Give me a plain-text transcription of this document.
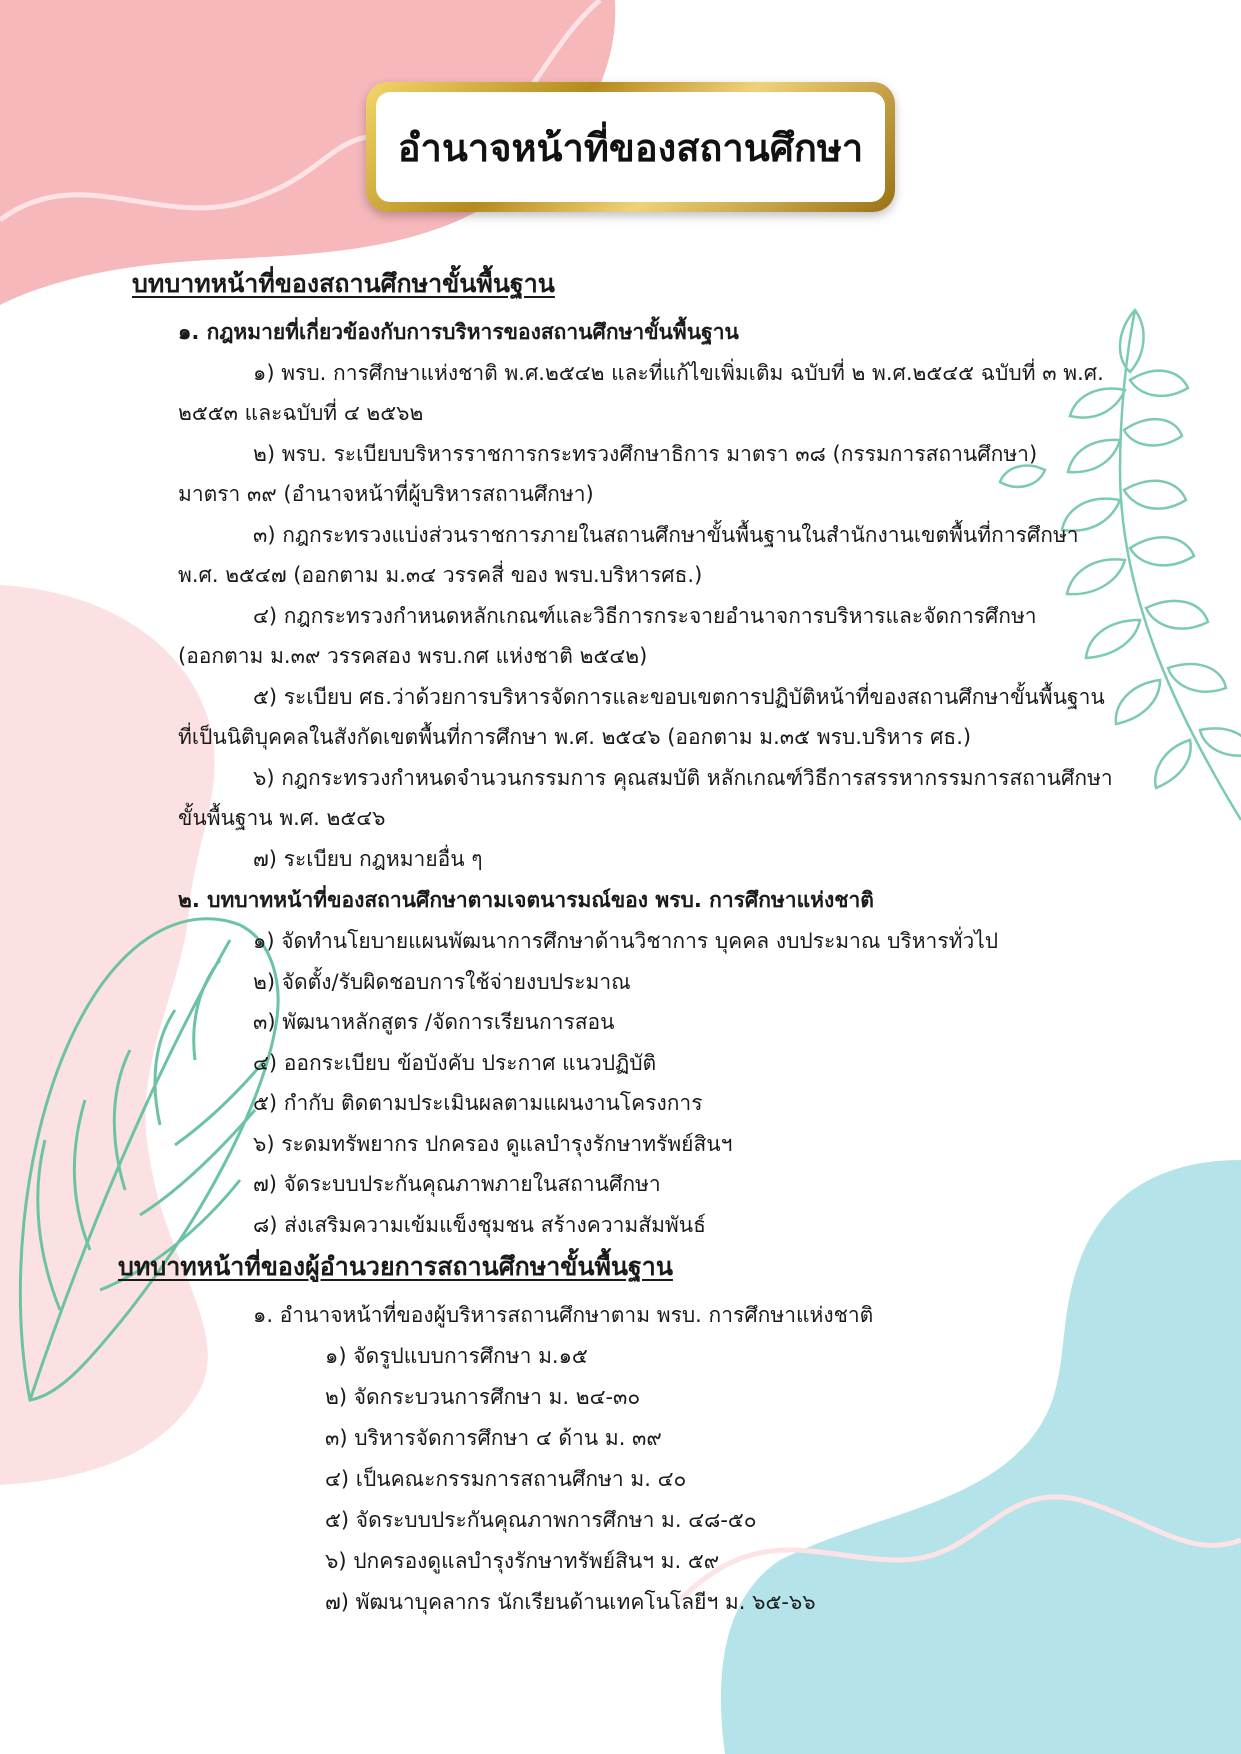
อำนาจหน้าที่ของสถานศึกษา
บทบาทหน้าที่ของสถานศึกษาขั้นพื้นฐาน
๑. กฎหมายที่เกี่ยวข้องกับการบริหารของสถานศึกษาขั้นพื้นฐาน
๑) พรบ. การศึกษาแห่งชาติ พ.ศ.๒๕๔๒ และที่แก้ไขเพิ่มเติม ฉบับที่ ๒ พ.ศ.๒๕๔๕ ฉบับที่ ๓ พ.ศ.
๒๕๕๓ และฉบับที่ ๔ ๒๕๖๒
๒) พรบ. ระเบียบบริหารราชการกระทรวงศึกษาธิการ มาตรา ๓๘ (กรรมการสถานศึกษา)
มาตรา ๓๙ (อำนาจหน้าที่ผู้บริหารสถานศึกษา)
๓) กฎกระทรวงแบ่งส่วนราชการภายในสถานศึกษาขั้นพื้นฐานในสำนักงานเขตพื้นที่การศึกษา
พ.ศ. ๒๕๔๗ (ออกตาม ม.๓๔ วรรคสี่ ของ พรบ.บริหารศธ.)
๔) กฎกระทรวงกำหนดหลักเกณฑ์และวิธีการกระจายอำนาจการบริหารและจัดการศึกษา
(ออกตาม ม.๓๙ วรรคสอง พรบ.กศ แห่งชาติ ๒๕๔๒)
๕) ระเบียบ ศธ.ว่าด้วยการบริหารจัดการและขอบเขตการปฏิบัติหน้าที่ของสถานศึกษาขั้นพื้นฐาน
ที่เป็นนิติบุคคลในสังกัดเขตพื้นที่การศึกษา พ.ศ. ๒๕๔๖ (ออกตาม ม.๓๕ พรบ.บริหาร ศธ.)
๖) กฎกระทรวงกำหนดจำนวนกรรมการ คุณสมบัติ หลักเกณฑ์วิธีการสรรหากรรมการสถานศึกษา
ขั้นพื้นฐาน พ.ศ. ๒๕๔๖
๗) ระเบียบ กฎหมายอื่น ๆ
๒. บทบาทหน้าที่ของสถานศึกษาตามเจตนารมณ์ของ พรบ. การศึกษาแห่งชาติ
๑) จัดทำนโยบายแผนพัฒนาการศึกษาด้านวิชาการ บุคคล งบประมาณ บริหารทั่วไป
๒) จัดตั้ง/รับผิดชอบการใช้จ่ายงบประมาณ
๓) พัฒนาหลักสูตร /จัดการเรียนการสอน
๔) ออกระเบียบ ข้อบังคับ ประกาศ แนวปฏิบัติ
๕) กำกับ ติดตามประเมินผลตามแผนงานโครงการ
๖) ระดมทรัพยากร ปกครอง ดูแลบำรุงรักษาทรัพย์สินฯ
๗) จัดระบบประกันคุณภาพภายในสถานศึกษา
๘) ส่งเสริมความเข้มแข็งชุมชน สร้างความสัมพันธ์
บทบาทหน้าที่ของผู้อำนวยการสถานศึกษาขั้นพื้นฐาน
๑. อำนาจหน้าที่ของผู้บริหารสถานศึกษาตาม พรบ. การศึกษาแห่งชาติ
๑) จัดรูปแบบการศึกษา ม.๑๕
๒) จัดกระบวนการศึกษา ม. ๒๔-๓๐
๓) บริหารจัดการศึกษา ๔ ด้าน ม. ๓๙
๔) เป็นคณะกรรมการสถานศึกษา ม. ๔๐
๕) จัดระบบประกันคุณภาพการศึกษา ม. ๔๘-๕๐
๖) ปกครองดูแลบำรุงรักษาทรัพย์สินฯ ม. ๕๙
๗) พัฒนาบุคลากร นักเรียนด้านเทคโนโลยีฯ ม. ๖๕-๖๖
